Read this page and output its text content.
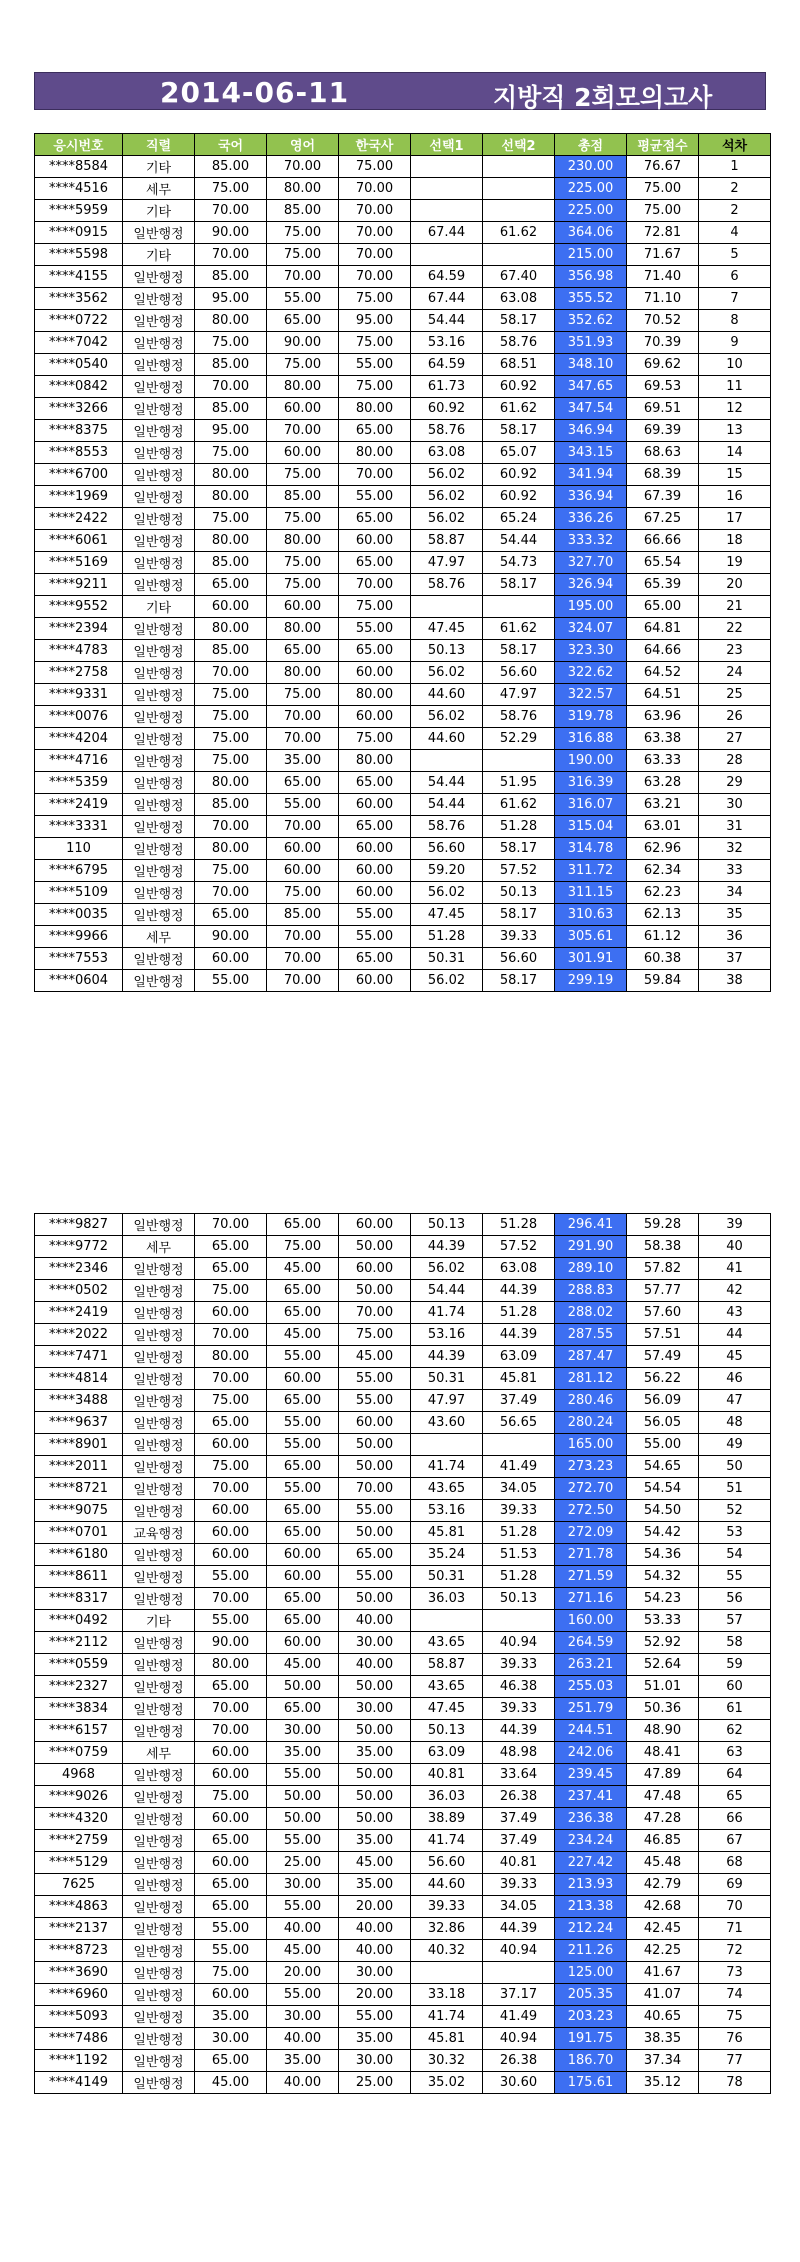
2014-06-11	지방직 2회모의고사
응시번호	직렬	국어	영어	한국사	선택1	선택2	총점	평균점수	석차
****8584	기타	85.00	70.00	75.00			230.00	76.67	1
****4516	세무	75.00	80.00	70.00			225.00	75.00	2
****5959	기타	70.00	85.00	70.00			225.00	75.00	2
****0915	일반행정	90.00	75.00	70.00	67.44	61.62	364.06	72.81	4
****5598	기타	70.00	75.00	70.00			215.00	71.67	5
****4155	일반행정	85.00	70.00	70.00	64.59	67.40	356.98	71.40	6
****3562	일반행정	95.00	55.00	75.00	67.44	63.08	355.52	71.10	7
****0722	일반행정	80.00	65.00	95.00	54.44	58.17	352.62	70.52	8
****7042	일반행정	75.00	90.00	75.00	53.16	58.76	351.93	70.39	9
****0540	일반행정	85.00	75.00	55.00	64.59	68.51	348.10	69.62	10
****0842	일반행정	70.00	80.00	75.00	61.73	60.92	347.65	69.53	11
****3266	일반행정	85.00	60.00	80.00	60.92	61.62	347.54	69.51	12
****8375	일반행정	95.00	70.00	65.00	58.76	58.17	346.94	69.39	13
****8553	일반행정	75.00	60.00	80.00	63.08	65.07	343.15	68.63	14
****6700	일반행정	80.00	75.00	70.00	56.02	60.92	341.94	68.39	15
****1969	일반행정	80.00	85.00	55.00	56.02	60.92	336.94	67.39	16
****2422	일반행정	75.00	75.00	65.00	56.02	65.24	336.26	67.25	17
****6061	일반행정	80.00	80.00	60.00	58.87	54.44	333.32	66.66	18
****5169	일반행정	85.00	75.00	65.00	47.97	54.73	327.70	65.54	19
****9211	일반행정	65.00	75.00	70.00	58.76	58.17	326.94	65.39	20
****9552	기타	60.00	60.00	75.00			195.00	65.00	21
****2394	일반행정	80.00	80.00	55.00	47.45	61.62	324.07	64.81	22
****4783	일반행정	85.00	65.00	65.00	50.13	58.17	323.30	64.66	23
****2758	일반행정	70.00	80.00	60.00	56.02	56.60	322.62	64.52	24
****9331	일반행정	75.00	75.00	80.00	44.60	47.97	322.57	64.51	25
****0076	일반행정	75.00	70.00	60.00	56.02	58.76	319.78	63.96	26
****4204	일반행정	75.00	70.00	75.00	44.60	52.29	316.88	63.38	27
****4716	일반행정	75.00	35.00	80.00			190.00	63.33	28
****5359	일반행정	80.00	65.00	65.00	54.44	51.95	316.39	63.28	29
****2419	일반행정	85.00	55.00	60.00	54.44	61.62	316.07	63.21	30
****3331	일반행정	70.00	70.00	65.00	58.76	51.28	315.04	63.01	31
110	일반행정	80.00	60.00	60.00	56.60	58.17	314.78	62.96	32
****6795	일반행정	75.00	60.00	60.00	59.20	57.52	311.72	62.34	33
****5109	일반행정	70.00	75.00	60.00	56.02	50.13	311.15	62.23	34
****0035	일반행정	65.00	85.00	55.00	47.45	58.17	310.63	62.13	35
****9966	세무	90.00	70.00	55.00	51.28	39.33	305.61	61.12	36
****7553	일반행정	60.00	70.00	65.00	50.31	56.60	301.91	60.38	37
****0604	일반행정	55.00	70.00	60.00	56.02	58.17	299.19	59.84	38
****9827	일반행정	70.00	65.00	60.00	50.13	51.28	296.41	59.28	39
****9772	세무	65.00	75.00	50.00	44.39	57.52	291.90	58.38	40
****2346	일반행정	65.00	45.00	60.00	56.02	63.08	289.10	57.82	41
****0502	일반행정	75.00	65.00	50.00	54.44	44.39	288.83	57.77	42
****2419	일반행정	60.00	65.00	70.00	41.74	51.28	288.02	57.60	43
****2022	일반행정	70.00	45.00	75.00	53.16	44.39	287.55	57.51	44
****7471	일반행정	80.00	55.00	45.00	44.39	63.09	287.47	57.49	45
****4814	일반행정	70.00	60.00	55.00	50.31	45.81	281.12	56.22	46
****3488	일반행정	75.00	65.00	55.00	47.97	37.49	280.46	56.09	47
****9637	일반행정	65.00	55.00	60.00	43.60	56.65	280.24	56.05	48
****8901	일반행정	60.00	55.00	50.00			165.00	55.00	49
****2011	일반행정	75.00	65.00	50.00	41.74	41.49	273.23	54.65	50
****8721	일반행정	70.00	55.00	70.00	43.65	34.05	272.70	54.54	51
****9075	일반행정	60.00	65.00	55.00	53.16	39.33	272.50	54.50	52
****0701	교육행정	60.00	65.00	50.00	45.81	51.28	272.09	54.42	53
****6180	일반행정	60.00	60.00	65.00	35.24	51.53	271.78	54.36	54
****8611	일반행정	55.00	60.00	55.00	50.31	51.28	271.59	54.32	55
****8317	일반행정	70.00	65.00	50.00	36.03	50.13	271.16	54.23	56
****0492	기타	55.00	65.00	40.00			160.00	53.33	57
****2112	일반행정	90.00	60.00	30.00	43.65	40.94	264.59	52.92	58
****0559	일반행정	80.00	45.00	40.00	58.87	39.33	263.21	52.64	59
****2327	일반행정	65.00	50.00	50.00	43.65	46.38	255.03	51.01	60
****3834	일반행정	70.00	65.00	30.00	47.45	39.33	251.79	50.36	61
****6157	일반행정	70.00	30.00	50.00	50.13	44.39	244.51	48.90	62
****0759	세무	60.00	35.00	35.00	63.09	48.98	242.06	48.41	63
4968	일반행정	60.00	55.00	50.00	40.81	33.64	239.45	47.89	64
****9026	일반행정	75.00	50.00	50.00	36.03	26.38	237.41	47.48	65
****4320	일반행정	60.00	50.00	50.00	38.89	37.49	236.38	47.28	66
****2759	일반행정	65.00	55.00	35.00	41.74	37.49	234.24	46.85	67
****5129	일반행정	60.00	25.00	45.00	56.60	40.81	227.42	45.48	68
7625	일반행정	65.00	30.00	35.00	44.60	39.33	213.93	42.79	69
****4863	일반행정	65.00	55.00	20.00	39.33	34.05	213.38	42.68	70
****2137	일반행정	55.00	40.00	40.00	32.86	44.39	212.24	42.45	71
****8723	일반행정	55.00	45.00	40.00	40.32	40.94	211.26	42.25	72
****3690	일반행정	75.00	20.00	30.00			125.00	41.67	73
****6960	일반행정	60.00	55.00	20.00	33.18	37.17	205.35	41.07	74
****5093	일반행정	35.00	30.00	55.00	41.74	41.49	203.23	40.65	75
****7486	일반행정	30.00	40.00	35.00	45.81	40.94	191.75	38.35	76
****1192	일반행정	65.00	35.00	30.00	30.32	26.38	186.70	37.34	77
****4149	일반행정	45.00	40.00	25.00	35.02	30.60	175.61	35.12	78
